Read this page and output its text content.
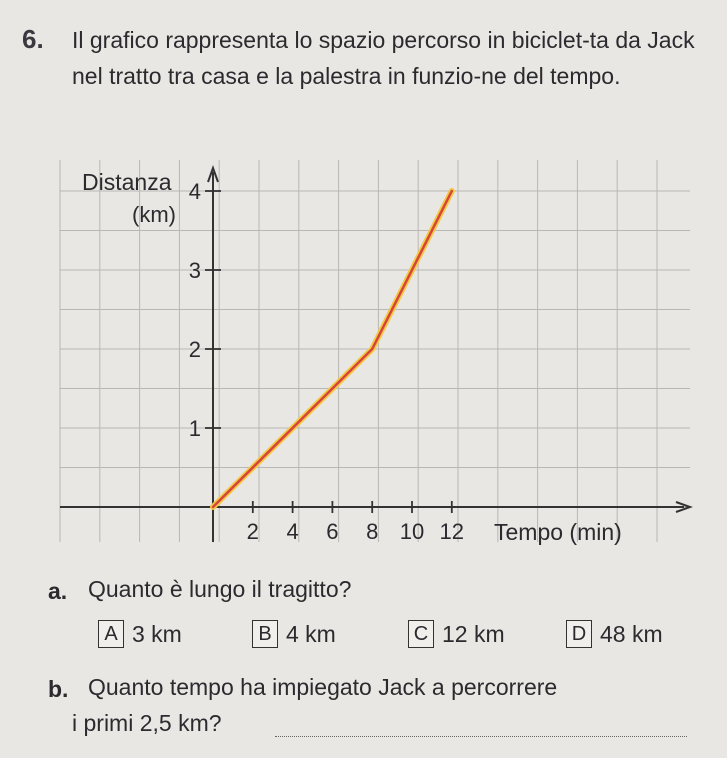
6. Il grafico rappresenta lo spazio percorso in biciclet-ta da Jack nel tratto tra casa e la palestra in funzio-ne del tempo.
2 4 6 8 10 12
1
2
3
4
Distanza
(km)
Tempo (min)
a. Quanto è lungo il tragitto?
A 3 km	B 4 km	C 12 km	D 48 km
b. Quanto tempo ha impiegato Jack a percorrere
i primi 2,5 km?
